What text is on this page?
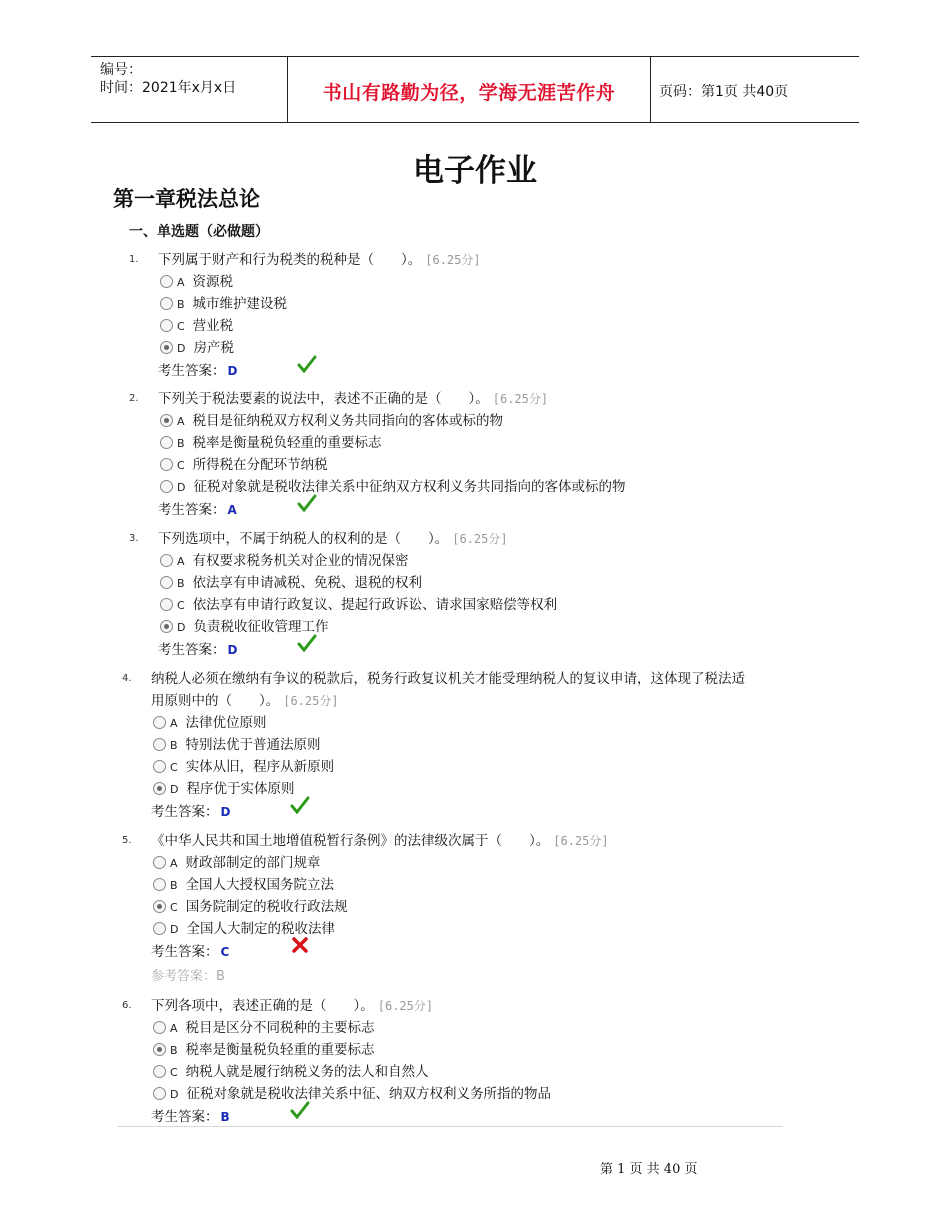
编号：
时间：2021年x月x日	书山有路勤为径，学海无涯苦作舟	页码：第1页 共40页
电子作业
第一章税法总论
一、单选题（必做题）
1. 下列属于财产和行为税类的税种是（　　）。 [6.25分]
A 资源税
B 城市维护建设税
C 营业税
D 房产税
考生答案： D
2. 下列关于税法要素的说法中，表述不正确的是（　　）。 [6.25分]
A 税目是征纳税双方权利义务共同指向的客体或标的物
B 税率是衡量税负轻重的重要标志
C 所得税在分配环节纳税
D 征税对象就是税收法律关系中征纳双方权利义务共同指向的客体或标的物
考生答案： A
3. 下列选项中，不属于纳税人的权利的是（　　）。 [6.25分]
A 有权要求税务机关对企业的情况保密
B 依法享有申请减税、免税、退税的权利
C 依法享有申请行政复议、提起行政诉讼、请求国家赔偿等权利
D 负责税收征收管理工作
考生答案： D
4. 纳税人必须在缴纳有争议的税款后，税务行政复议机关才能受理纳税人的复议申请，这体现了税法适
用原则中的（　　）。 [6.25分]
A 法律优位原则
B 特别法优于普通法原则
C 实体从旧，程序从新原则
D 程序优于实体原则
考生答案： D
5. 《中华人民共和国土地增值税暂行条例》的法律级次属于（　　）。 [6.25分]
A 财政部制定的部门规章
B 全国人大授权国务院立法
C 国务院制定的税收行政法规
D 全国人大制定的税收法律
考生答案： C
参考答案：B
6. 下列各项中，表述正确的是（　　）。 [6.25分]
A 税目是区分不同税种的主要标志
B 税率是衡量税负轻重的重要标志
C 纳税人就是履行纳税义务的法人和自然人
D 征税对象就是税收法律关系中征、纳双方权利义务所指的物品
考生答案： B
第 1 页 共 40 页
